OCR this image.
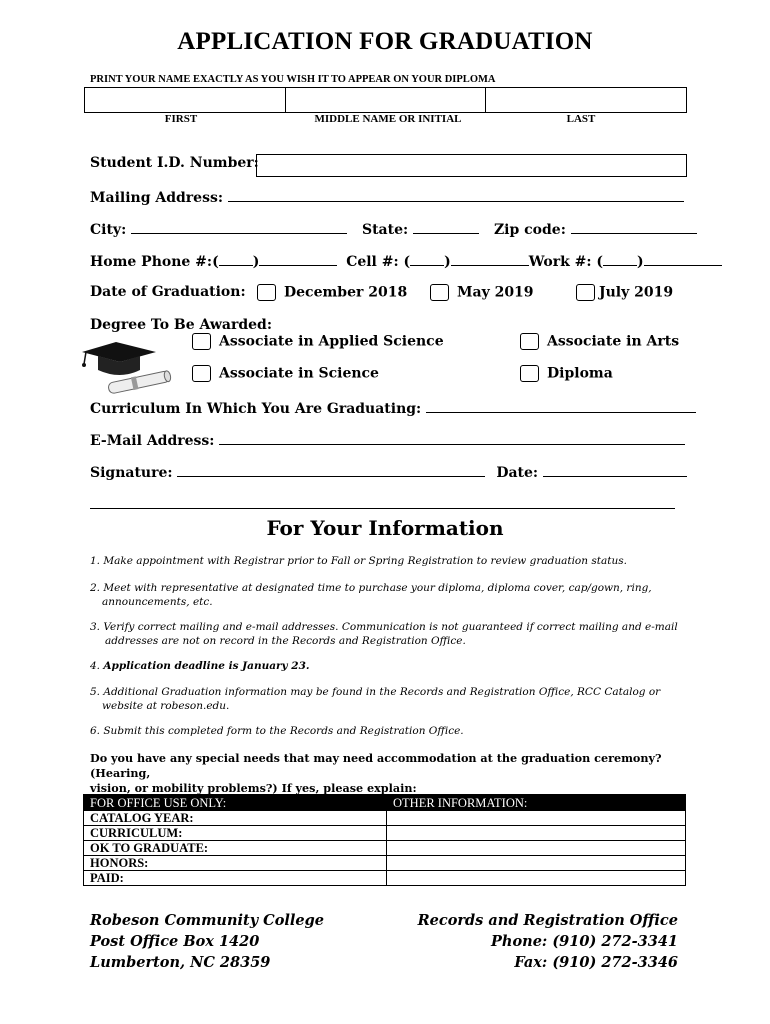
APPLICATION FOR GRADUATION
PRINT YOUR NAME EXACTLY AS YOU WISH IT TO APPEAR ON YOUR DIPLOMA
FIRST	MIDDLE NAME OR INITIAL	LAST
Student I.D. Number:
Mailing Address:
City:	State:	Zip code:
Home Phone #:( )	Cell #: ( )	Work #: ( )
Date of Graduation:	December 2018	May 2019	July 2019
Degree To Be Awarded:
Associate in Applied Science	Associate in Arts
Associate in Science	Diploma
Curriculum In Which You Are Graduating:
E-Mail Address:
Signature:	Date:
For Your Information
1. Make appointment with Registrar prior to Fall or Spring Registration to review graduation status.
2. Meet with representative at designated time to purchase your diploma, diploma cover, cap/gown, ring,
announcements, etc.
3. Verify correct mailing and e-mail addresses. Communication is not guaranteed if correct mailing and e-mail
addresses are not on record in the Records and Registration Office.
4. Application deadline is January 23.
5. Additional Graduation information may be found in the Records and Registration Office, RCC Catalog or
website at robeson.edu.
6. Submit this completed form to the Records and Registration Office.
Do you have any special needs that may need accommodation at the graduation ceremony? (Hearing,
vision, or mobility problems?) If yes, please explain:
FOR OFFICE USE ONLY:	OTHER INFORMATION:
CATALOG YEAR:	
CURRICULUM:	
OK TO GRADUATE:	
HONORS:	
PAID:	
Robeson Community College
Post Office Box 1420
Lumberton, NC 28359
Records and Registration Office
Phone: (910) 272-3341
Fax: (910) 272-3346
